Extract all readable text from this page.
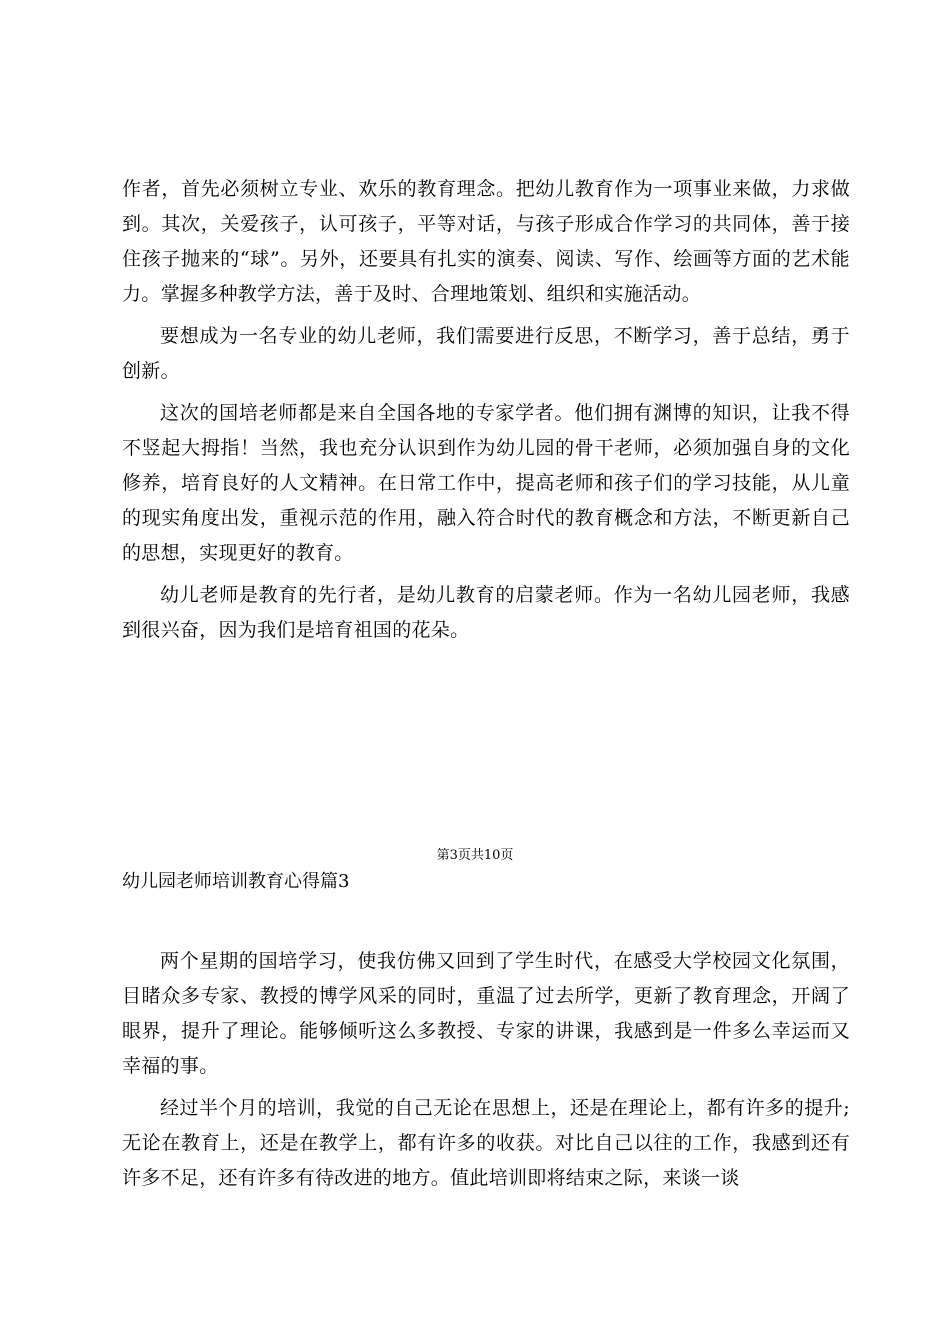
作者，首先必须树立专业、欢乐的教育理念。把幼儿教育作为一项事业来做，力求做到。其次，关爱孩子，认可孩子，平等对话，与孩子形成合作学习的共同体，善于接住孩子抛来的“球”。另外，还要具有扎实的演奏、阅读、写作、绘画等方面的艺术能力。掌握多种教学方法，善于及时、合理地策划、组织和实施活动。

要想成为一名专业的幼儿老师，我们需要进行反思，不断学习，善于总结，勇于创新。

这次的国培老师都是来自全国各地的专家学者。他们拥有渊博的知识，让我不得不竖起大拇指！当然，我也充分认识到作为幼儿园的骨干老师，必须加强自身的文化修养，培育良好的人文精神。在日常工作中，提高老师和孩子们的学习技能，从儿童的现实角度出发，重视示范的作用，融入符合时代的教育概念和方法，不断更新自己的思想，实现更好的教育。

幼儿老师是教育的先行者，是幼儿教育的启蒙老师。作为一名幼儿园老师，我感到很兴奋，因为我们是培育祖国的花朵。

两个星期的国培学习，使我仿佛又回到了学生时代，在感受大学校园文化氛围，目睹众多专家、教授的博学风采的同时，重温了过去所学，更新了教育理念，开阔了眼界，提升了理论。能够倾听这么多教授、专家的讲课，我感到是一件多么幸运而又幸福的事。

经过半个月的培训，我觉的自己无论在思想上，还是在理论上，都有许多的提升;无论在教育上，还是在教学上，都有许多的收获。对比自己以往的工作，我感到还有许多不足，还有许多有待改进的地方。值此培训即将结束之际，来谈一谈

第3页共10页
幼儿园老师培训教育心得篇3
